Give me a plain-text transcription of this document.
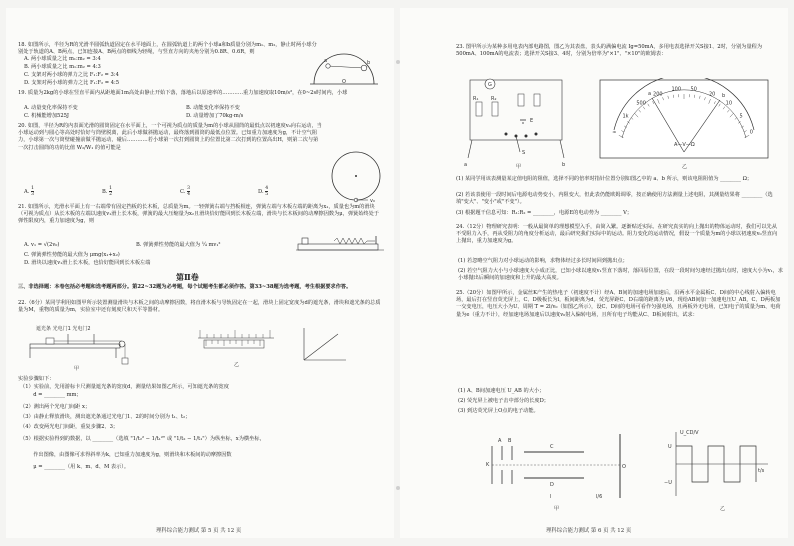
18. 如图所示，半径为R的光滑半圆弧轨道固定在水平地面上，在圆弧轨道上的两个小球a和b质量分别为m₁、m₂，静止时两小球分别处于轨道的A、B两点，已知连接A、B两点的细线为轻绳，与竖直方向的夹角分别为0.8R、0.6R，则
a	b
O
A. 两小球质量之比 m₁:m₂ = 3:4
B. 两小球质量之比 m₁:m₂ = 4:3
C. 支架对两小球的弹力之比 F₁:F₂ = 3:4
D. 支架对两小球的弹力之比 F₁:F₂ = 4:5
19. 质量为2kg的小球在竖直平面内从距地面1m高处由静止开始下落，落地后以原速率的…………重力加速度取10m/s²，在0~2s时间内，小球
A. 动量变化率保持不变	B. 动能变化率保持不变
C. 机械能增加525J	D. 动量增加了70kg·m/s
20. 如图，半径为R的内表面光滑的圆筒固定在水平面上，一个可视为质点的质量为m的小球从圆筒的最低点以初速度v₀向右运动，当小球运动到与圆心等高处时恰好与筒壁脱离，此后小球做斜抛运动，最终落到圆筒的最低点位置。已知重力加速度为g，不计空气阻力，小球第一次与筒壁碰撞前做平抛运动，碰后…………若小球第一次打到圆筒上的位置比第二次打到的位置高出H，则第二次与第一次打击圆筒的功的比值 W₂/W₁ 的值可能是
v₀
A. $\frac{1}{3}$	B. $\frac{1}{2}$	C. $\frac{3}{4}$	D. $\frac{4}{5}$
21. 如图所示，光滑水平面上有一右端带有固定挡板的长木板，总质量为m。一轻弹簧右端与挡板相连，弹簧左端与木板左端的距离为x₁，质量也为m的滑块（可视为质点）从长木板的左端以速度v₁滑上长木板，弹簧的最大压缩量为x₂且滑块恰好能回到长木板左端，滑块与长木板间的动摩擦因数为μ，弹簧始终处于弹性限度内，重力加速度为g，则
A. v₁ = √(2v₀)	B. 弹簧弹性势能的最大值为 ¼ mv₁²
C. 弹簧弹性势能的最大值为 μmg(x₁+x₂)
D. 滑块以速度v₁滑上长木板，也恰好能回到长木板左端
第Ⅱ卷
三、非选择题：本卷包括必考题和选考题两部分。第22~32题为必考题，每个试题考生都必须作答。第33~38题为选考题，考生根据要求作答。
22.（6分）某同学利用如图甲所示装置测量滑块与木板之间的动摩擦因数，将直滑木板与导轨固定在一起，滑块上固定宽度为d的遮光条，滑块和遮光条的总质量为M，重物的质量为m，实验室中还有刻度尺和天平等器材。
遮光条 光电门1 光电门2
甲
乙
实验步骤如下：
（1）实验前，先用游标卡尺测量遮光条的宽度d，测量结果如图乙所示，可知遮光条的宽度
d = ________ mm；
（2）测出两个光电门间距 x；
（3）由静止释放滑块，测出遮光条通过光电门1、2的时间分别为 t₁、t₂；
（4）改变两光电门间距，重复步骤2、3；
（5）根据实验得到的数据，以 ________（选填 "1/t₂² − 1/t₁²" 或 "1/t₂ − 1/t₁"）为纵坐标，x为横坐标，
作出图像，由图像可求得斜率为k，已知重力加速度为g，则滑块和木板间的动摩擦因数
μ = ________（用 k、m、d、M 表示）。
理科综合能力测试 第 5 页 共 12 页
23. 图甲所示为某种多用电表内部电路图，图乙为其表盘，表头的满偏电流 Ig=50mA，多用电表选择开关S接1、2时，分别为量程为500mA、100mA的电流表；选择开关S接3、4时，分别为倍率为"×1"、"×10"的欧姆表：
G
R₁	R₂
E
S
a	b
甲
∞
1k
500
200
100 50
20
10
5
0
a	b
A—V—Ω
乙
(1) 某同学用该表测量某定值电阻的阻值，选择不同的倍率时指针位置分别如图乙中的 a、b 所示，则该电阻阻值为 ________ Ω；
(2) 若该表使用一段时间后电源电动势变小，内阻变大，但此表仍能欧姆调零，按正确使用方法测量上述电阻，其测量结果将 ________（选填"变大"、"变小"或"不变"）。
(3) 根据题干信息可知：R₁:R₂ = ________，电源E的电动势为 ________ V；
24.（12分）物理研究表明：一般从最简单的理想模型入手，由简入繁。逐渐贴近实际。在研究真实的向上抛出的物体运动时，我们可以先从不受阻力入手，再从受阻力的角度分析运动，最后研究我们实际中的运动。阻力变化的运动情况，假设一个质量为m的小球以初速度v₀竖直向上抛出，重力加速度为g。
(1) 若忽略空气阻力对小球运动的影响，求物体经过多长时间回到抛出点；
(2) 若空气阻力大小与小球速度大小成正比，已知小球以速度v₁竖直下落时，落回原位置，在段一段时间匀速经过抛出点时，速度大小为v₁，求小球抛出后瞬间的加速度和上升的最大高度。
25.（20分）如图甲所示，金属丝K产生的热电子（初速度不计）经A、B间的加速电场加速后，沿两水平金属板C、D间的中心线射入偏转电场，最后打在竖直荧光屏上，C、D极板长为l，板间距离为d，荧光屏距C、D右端的距离为 l/6，现给AB间加一加速电压U_AB，C、D两板加一交变电压，电压大小为U、周期 T = 2l/v₀（如图乙所示），设C、D间的电场可看作匀强电场，且两板外无电场，已知电子的质量为m、电荷量为e（重力不计），经加速电场加速后以速度v₀射入偏转电场，且所有电子均能从C、D板间射出，试求：
(1) A、B间加速电压 U_AB 的大小；
(2) 荧光屏上被电子击中部分的长度D；
(3) 到达荧光屏上O点的电子动能。
K
A B
C
D
O
l	l/6
甲
U_CD/V
t/s
U
−U
乙
理科综合能力测试 第 6 页 共 12 页
